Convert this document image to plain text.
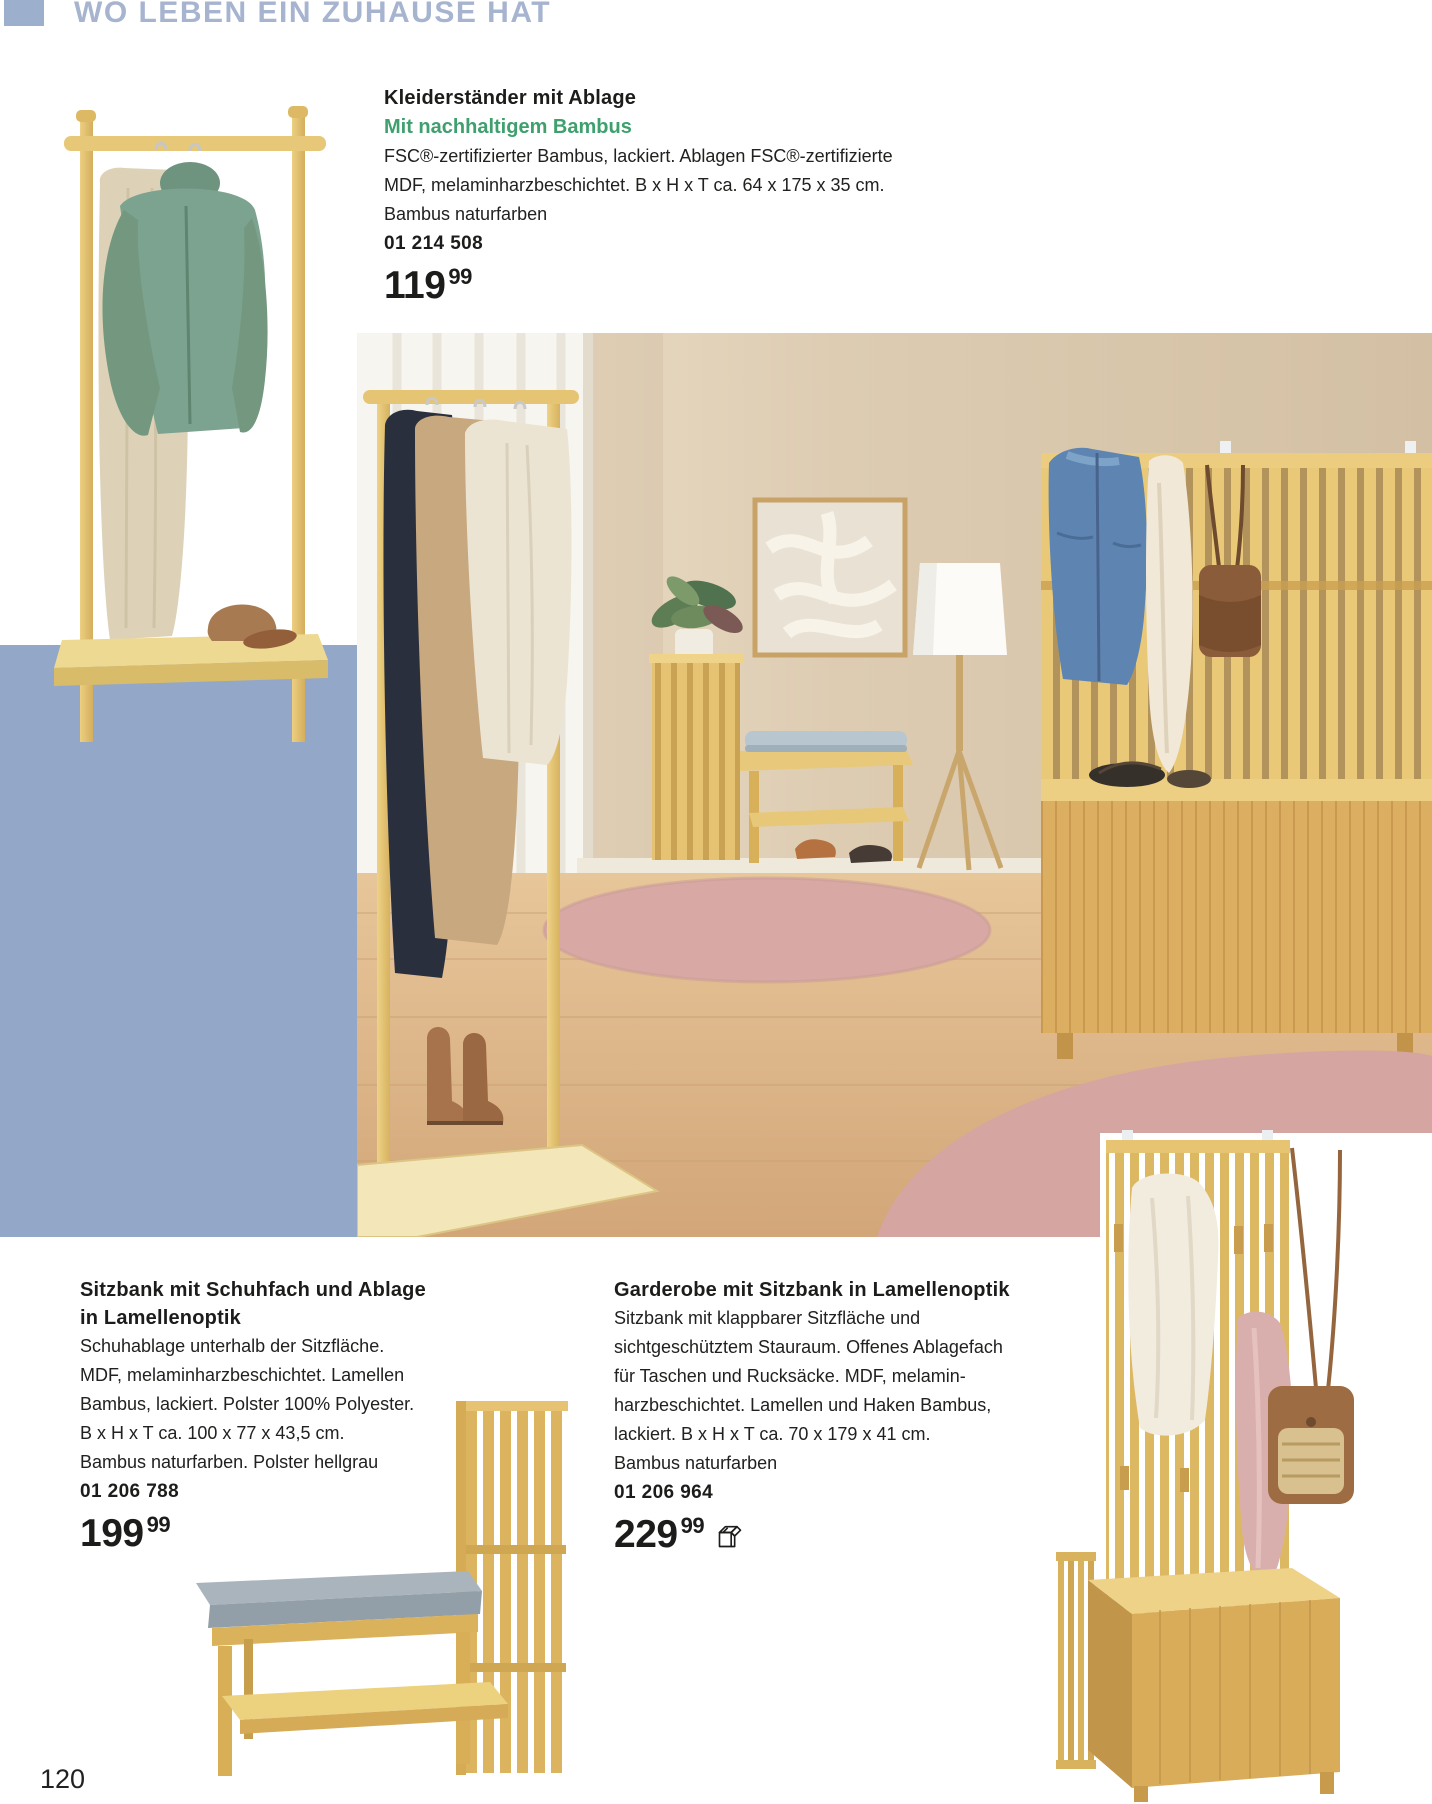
WO LEBEN EIN ZUHAUSE HAT
Kleiderständer mit Ablage
Mit nachhaltigem Bambus
FSC®-zertifizierter Bambus, lackiert. Ablagen FSC®-zertifizierte
MDF, melaminharzbeschichtet. B x H x T ca. 64 x 175 x 35 cm.
Bambus naturfarben
01 214 508
119 99
Sitzbank mit Schuhfach und Ablage
in Lamellenoptik
Schuhablage unterhalb der Sitzfläche.
MDF, melaminharzbeschichtet. Lamellen
Bambus, lackiert. Polster 100% Polyester.
B x H x T ca. 100 x 77 x 43,5 cm.
Bambus naturfarben. Polster hellgrau
01 206 788
199 99
Garderobe mit Sitzbank in Lamellenoptik
Sitzbank mit klappbarer Sitzfläche und
sichtgeschütztem Stauraum. Offenes Ablagefach
für Taschen und Rucksäcke. MDF, melamin-
harzbeschichtet. Lamellen und Haken Bambus,
lackiert. B x H x T ca. 70 x 179 x 41 cm.
Bambus naturfarben
01 206 964
229 99
120
